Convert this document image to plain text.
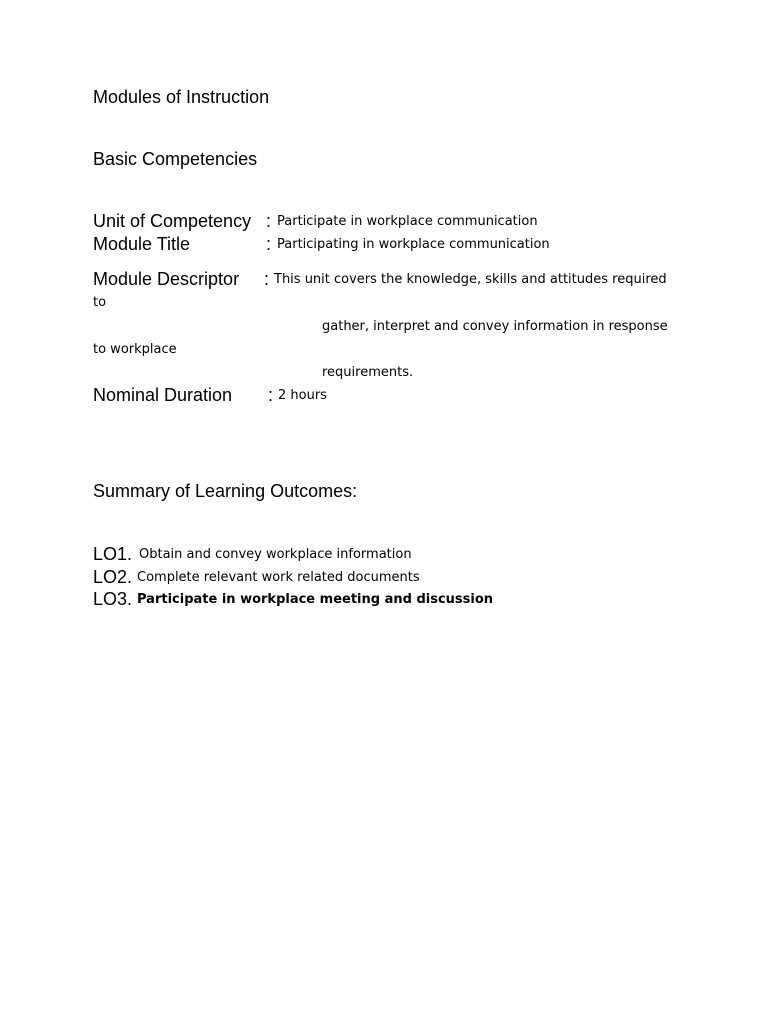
Modules of Instruction
Basic Competencies
Unit of Competency : Participate in workplace communication
Module Title	: Participating in workplace communication
Module Descriptor : This unit covers the knowledge, skills and attitudes required
to
gather, interpret and convey information in response
to workplace
requirements.
Nominal Duration : 2 hours
Summary of Learning Outcomes:
LO1. Obtain and convey workplace information
LO2. Complete relevant work related documents
LO3. Participate in workplace meeting and discussion
